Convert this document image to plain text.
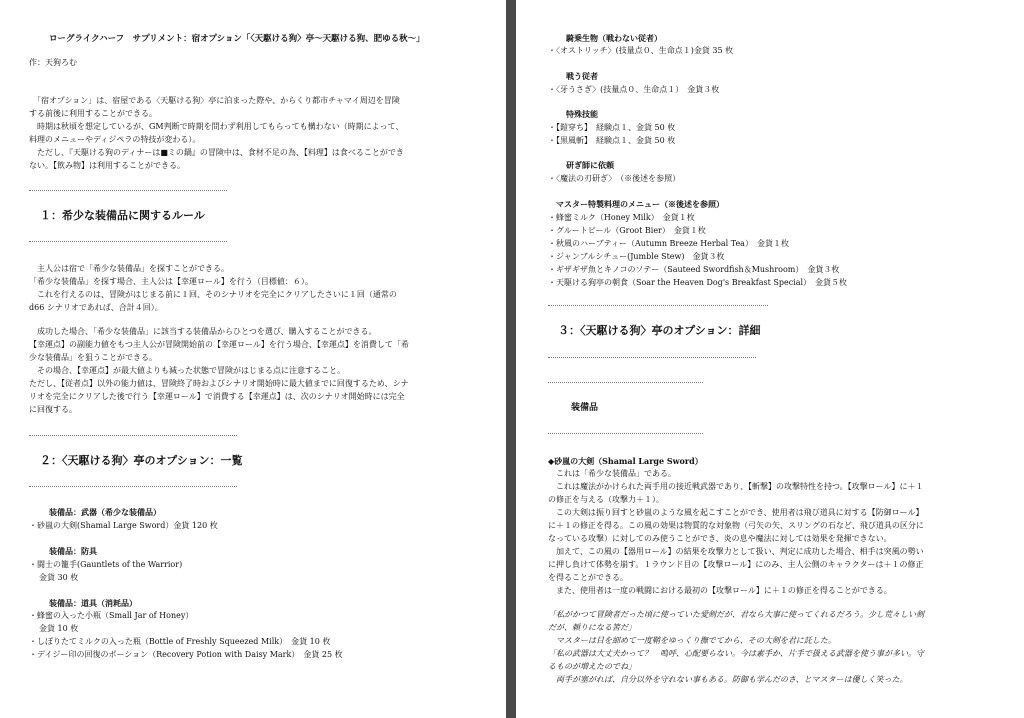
ローグライクハーフ　サプリメント：宿オプション「〈天駆ける狗〉亭～天駆ける狗、肥ゆる秋～」
作：天狗ろむ
　「宿オプション」は、宿屋である〈天駆ける狗〉亭に泊まった際や、からくり都市チャマイ周辺を冒険
する前後に利用することができる。
　時期は秋頃を想定しているが、GM判断で時期を問わず利用してもらっても構わない（時期によって、
料理のメニューやディジペラの特技が変わる）。
　ただし、『天駆ける狗のディナーは■ミの鍋』の冒険中は、食材不足の為、【料理】は食べることができ
ない。【飲み物】は利用することができる。
１：希少な装備品に関するルール
　主人公は宿で「希少な装備品」を探すことができる。
「希少な装備品」を探す場合、主人公は【幸運ロール】を行う（目標値：６）。
　これを行えるのは、冒険がはじまる前に１回、そのシナリオを完全にクリアしたさいに１回（通常の
d66 シナリオであれば、合計４回）。
　成功した場合、「希少な装備品」に該当する装備品からひとつを選び、購入することができる。
【幸運点】の副能力値をもつ主人公が冒険開始前の【幸運ロール】を行う場合、【幸運点】を消費して「希
少な装備品」を狙うことができる。
　その場合、【幸運点】が最大値よりも減った状態で冒険がはじまる点に注意すること。
ただし、【従者点】以外の能力値は、冒険終了時およびシナリオ開始時に最大値までに回復するため、シナ
リオを完全にクリアした後で行う【幸運ロール】で消費する【幸運点】は、次のシナリオ開始時には完全
に回復する。
２：〈天駆ける狗〉亭のオプション：一覧
装備品：武器（希少な装備品）
・砂嵐の大剣(Shamal Large Sword）金貨 120 枚
装備品：防具
・闘士の籠手(Gauntlets of the Warrior)
金貨 30 枚
装備品：道具（消耗品）
・蜂蜜の入った小瓶（Small Jar of Honey）
金貨 10 枚
・しぼりたてミルクの入った瓶（Bottle of Freshly Squeezed Milk）　金貨 10 枚
・デイジー印の回復のポーション（Recovery Potion with Daisy Mark）　金貨 25 枚
騎乗生物（戦わない従者）
・〈オストリッチ〉(技量点０、生命点１)金貨 35 枚
戦う従者
・〈牙うさぎ〉(技量点０、生命点１）　金貨３枚
特殊技能
・【鎧穿ち】　経験点１、金貨 50 枚
・【黒風斬】　経験点１、金貨 50 枚
研ぎ師に依頼
・〈魔法の刃研ぎ〉　（※後述を参照）
マスター特製料理のメニュー（※後述を参照）
・蜂蜜ミルク（Honey Milk）　金貨１枚
・グルートビール（Groot Bier）　金貨１枚
・秋風のハーブティー（Autumn Breeze Herbal Tea）　金貨１枚
・ジャンブルシチュー(Jumble Stew)　金貨３枚
・ギザギザ魚とキノコのソテー（Sauteed Swordfish＆Mushroom）　金貨３枚
・天駆ける狗亭の朝食（Soar the Heaven Dog's Breakfast Special）　金貨５枚
３：〈天駆ける狗〉亭のオプション：詳細
装備品
◆砂嵐の大剣（Shamal Large Sword）
　これは「希少な装備品」である。
　これは魔法がかけられた両手用の接近戦武器であり、【斬撃】の攻撃特性を持つ。【攻撃ロール】に＋１
の修正を与える（攻撃力＋１）。
　この大剣は振り回すと砂嵐のような風を起こすことができ、使用者は飛び道具に対する【防御ロール】
に＋１の修正を得る。この風の効果は物質的な対象物（弓矢の矢、スリングの石など、飛び道具の区分に
なっている攻撃）に対してのみ使うことができ、炎の息や魔法に対しては効果を発揮できない。
　加えて、この風の【器用ロール】の結果を攻撃力として扱い、判定に成功した場合、相手は突風の勢い
に押し負けて体勢を崩す。１ラウンド目の【攻撃ロール】にのみ、主人公側のキャラクターは＋１の修正
を得ることができる。
　また、使用者は一度の戦闘における最初の【攻撃ロール】に＋１の修正を得ることができる。
「私がかつて冒険者だった頃に使っていた愛剣だが、君なら大事に使ってくれるだろう。少し荒々しい剣
だが、頼りになる筈だ」
　マスターは目を細めて一度鞘をゆっくり撫でてから、その大剣を君に託した。
「私の武器は大丈夫かって？　嗚呼、心配要らない。今は素手か、片手で扱える武器を使う事が多い。守
るものが増えたのでね」
　両手が塞がれば、自分以外を守れない事もある。防御も学んだのさ、とマスターは優しく笑った。
